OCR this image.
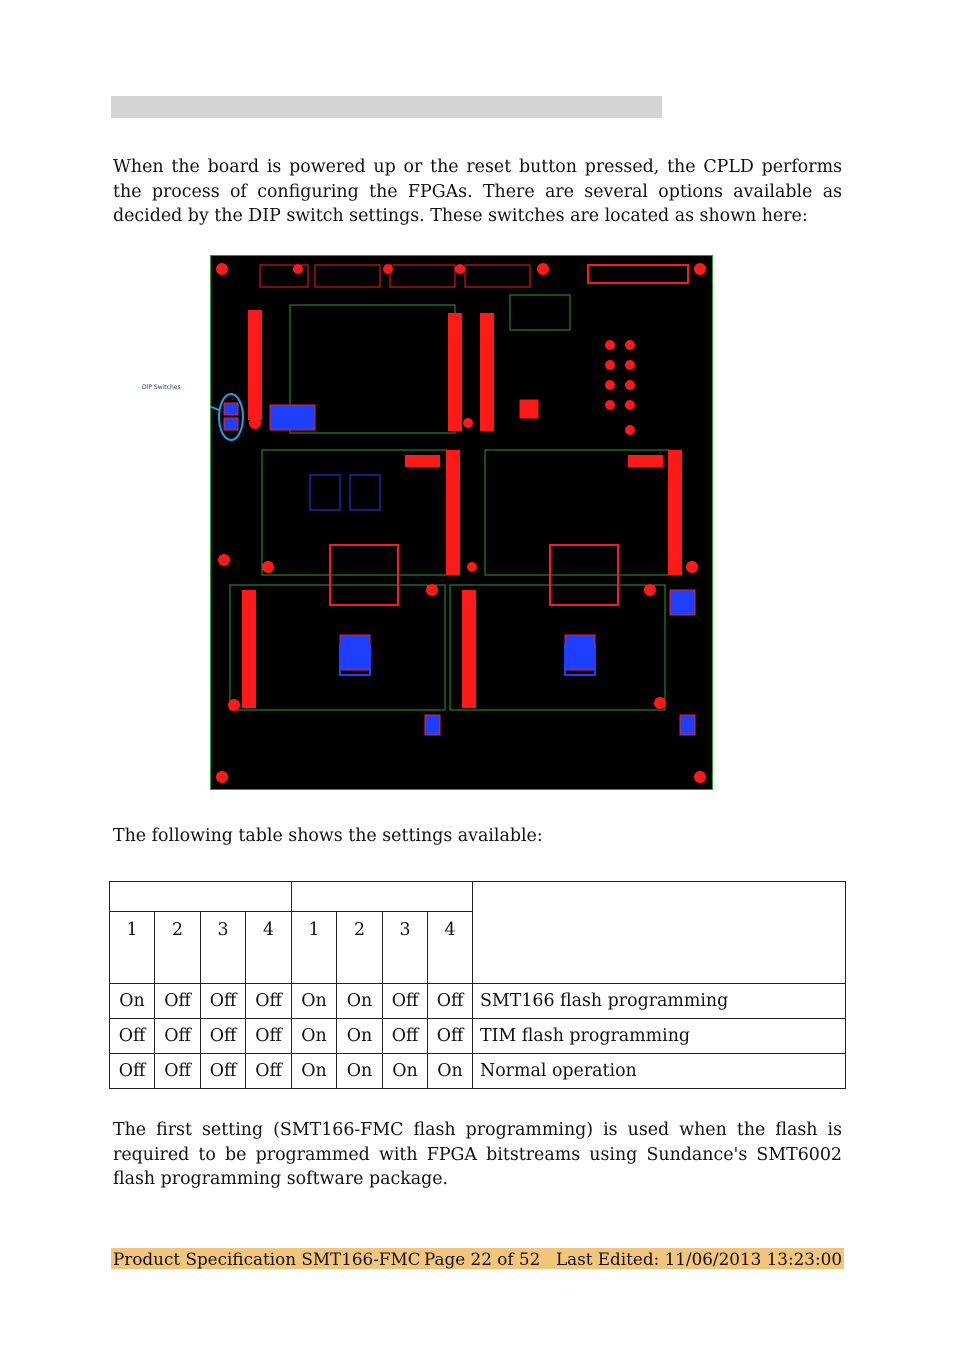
When the board is powered up or the reset button pressed, the CPLD performs the process of configuring the FPGAs. There are several options available as decided by the DIP switch settings. These switches are located as shown here:

DIP Switches

The following table shows the settings available:

1	2	3	4	1	2	3	4	
On	Off	Off	Off	On	On	Off	Off	SMT166 flash programming
Off	Off	Off	Off	On	On	Off	Off	TIM flash programming
Off	Off	Off	Off	On	On	On	On	Normal operation

The first setting (SMT166-FMC flash programming) is used when the flash is required to be programmed with FPGA bitstreams using Sundance's SMT6002 flash programming software package.

Product Specification SMT166-FMC Page 22 of 52 Last Edited: 11/06/2013 13:23:00
